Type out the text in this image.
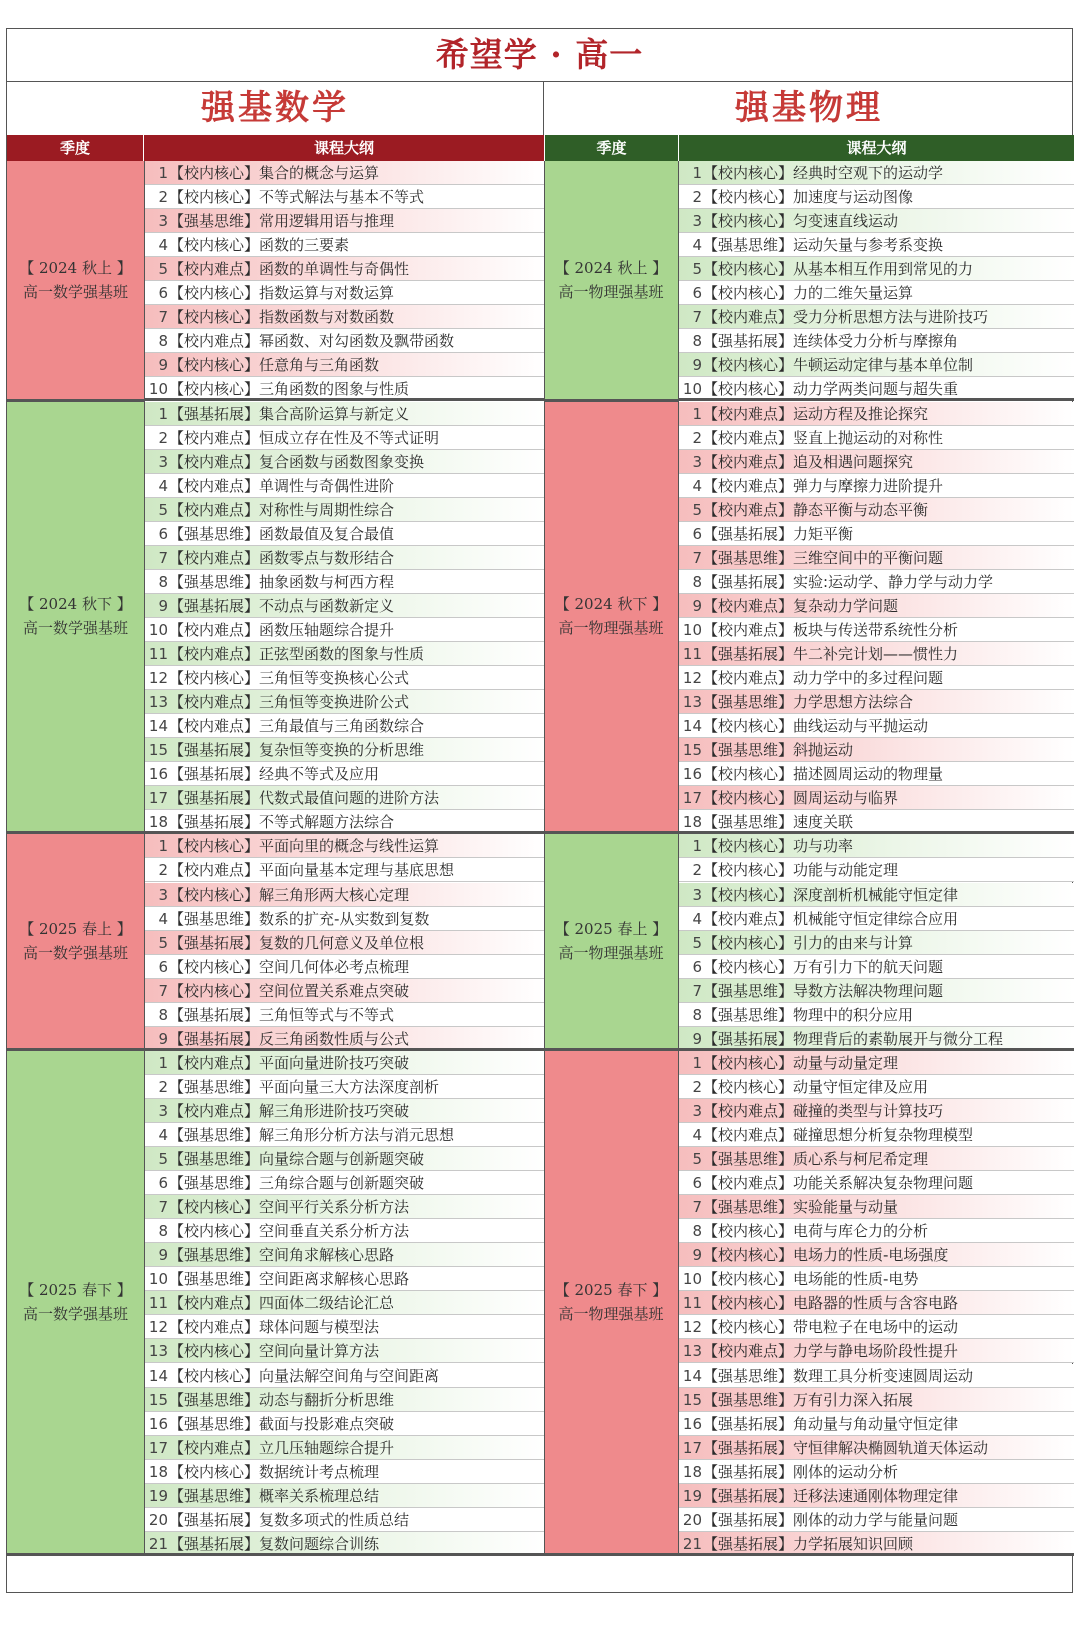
希望学 · 高一
强基数学	强基物理
季度	课程大纲	季度	课程大纲
【 2024 秋上 】
高一数学强基班
1【校内核心】集合的概念与运算
2【校内核心】不等式解法与基本不等式
3【强基思维】常用逻辑用语与推理
4【校内核心】函数的三要素
5【校内难点】函数的单调性与奇偶性
6【校内核心】指数运算与对数运算
7【校内核心】指数函数与对数函数
8【校内难点】幂函数、对勾函数及飘带函数
9【校内核心】任意角与三角函数
10【校内核心】三角函数的图象与性质
【 2024 秋下 】
高一数学强基班
1【强基拓展】集合高阶运算与新定义
2【校内难点】恒成立存在性及不等式证明
3【校内难点】复合函数与函数图象变换
4【校内难点】单调性与奇偶性进阶
5【校内难点】对称性与周期性综合
6【强基思维】函数最值及复合最值
7【校内难点】函数零点与数形结合
8【强基思维】抽象函数与柯西方程
9【强基拓展】不动点与函数新定义
10【校内难点】函数压轴题综合提升
11【校内难点】正弦型函数的图象与性质
12【校内核心】三角恒等变换核心公式
13【校内难点】三角恒等变换进阶公式
14【校内难点】三角最值与三角函数综合
15【强基拓展】复杂恒等变换的分析思维
16【强基拓展】经典不等式及应用
17【强基拓展】代数式最值问题的进阶方法
18【强基拓展】不等式解题方法综合
【 2025 春上 】
高一数学强基班
1【校内核心】平面向里的概念与线性运算
2【校内难点】平面向量基本定理与基底思想
3【校内核心】解三角形两大核心定理
4【强基思维】数系的扩充-从实数到复数
5【强基拓展】复数的几何意义及单位根
6【校内核心】空间几何体必考点梳理
7【校内核心】空间位置关系难点突破
8【强基拓展】三角恒等式与不等式
9【强基拓展】反三角函数性质与公式
【 2025 春下 】
高一数学强基班
1【校内难点】平面向量进阶技巧突破
2【强基思维】平面向量三大方法深度剖析
3【校内难点】解三角形进阶技巧突破
4【强基思维】解三角形分析方法与消元思想
5【强基思维】向量综合题与创新题突破
6【强基思维】三角综合题与创新题突破
7【校内核心】空间平行关系分析方法
8【校内核心】空间垂直关系分析方法
9【强基思维】空间角求解核心思路
10【强基思维】空间距离求解核心思路
11【校内难点】四面体二级结论汇总
12【校内难点】球体问题与模型法
13【校内核心】空间向量计算方法
14【校内核心】向量法解空间角与空间距离
15【强基思维】动态与翻折分析思维
16【强基思维】截面与投影难点突破
17【校内难点】立几压轴题综合提升
18【校内核心】数据统计考点梳理
19【强基思维】概率关系梳理总结
20【强基拓展】复数多项式的性质总结
21【强基拓展】复数问题综合训练
【 2024 秋上 】
高一物理强基班
1【校内核心】经典时空观下的运动学
2【校内核心】加速度与运动图像
3【校内核心】匀变速直线运动
4【强基思维】运动矢量与参考系变换
5【校内核心】从基本相互作用到常见的力
6【校内核心】力的二维矢量运算
7【校内难点】受力分析思想方法与进阶技巧
8【强基拓展】连续体受力分析与摩擦角
9【校内核心】牛顿运动定律与基本单位制
10【校内核心】动力学两类问题与超失重
【 2024 秋下 】
高一物理强基班
1【校内难点】运动方程及推论探究
2【校内难点】竖直上抛运动的对称性
3【校内难点】追及相遇问题探究
4【校内难点】弹力与摩擦力进阶提升
5【校内难点】静态平衡与动态平衡
6【强基拓展】力矩平衡
7【强基思维】三维空间中的平衡问题
8【强基拓展】实验:运动学、静力学与动力学
9【校内难点】复杂动力学问题
10【校内难点】板块与传送带系统性分析
11【强基拓展】牛二补完计划——惯性力
12【校内难点】动力学中的多过程问题
13【强基思维】力学思想方法综合
14【校内核心】曲线运动与平抛运动
15【强基思维】斜抛运动
16【校内核心】描述圆周运动的物理量
17【校内核心】圆周运动与临界
18【强基思维】速度关联
【 2025 春上 】
高一物理强基班
1【校内核心】功与功率
2【校内核心】功能与动能定理
3【校内核心】深度剖析机械能守恒定律
4【校内难点】机械能守恒定律综合应用
5【校内核心】引力的由来与计算
6【校内核心】万有引力下的航天问题
7【强基思维】导数方法解决物理问题
8【强基思维】物理中的积分应用
9【强基拓展】物理背后的素勒展开与微分工程
【 2025 春下 】
高一物理强基班
1【校内核心】动量与动量定理
2【校内核心】动量守恒定律及应用
3【校内难点】碰撞的类型与计算技巧
4【校内难点】碰撞思想分析复杂物理模型
5【强基思维】质心系与柯尼希定理
6【校内难点】功能关系解决复杂物理问题
7【强基思维】实验能量与动量
8【校内核心】电荷与库仑力的分析
9【校内核心】电场力的性质-电场强度
10【校内核心】电场能的性质-电势
11【校内核心】电路器的性质与含容电路
12【校内核心】带电粒子在电场中的运动
13【校内难点】力学与静电场阶段性提升
14【强基思维】数理工具分析变速圆周运动
15【强基思维】万有引力深入拓展
16【强基拓展】角动量与角动量守恒定律
17【强基拓展】守恒律解决椭圆轨道天体运动
18【强基拓展】刚体的运动分析
19【强基拓展】迁移法速通刚体物理定律
20【强基拓展】刚体的动力学与能量问题
21【强基拓展】力学拓展知识回顾
